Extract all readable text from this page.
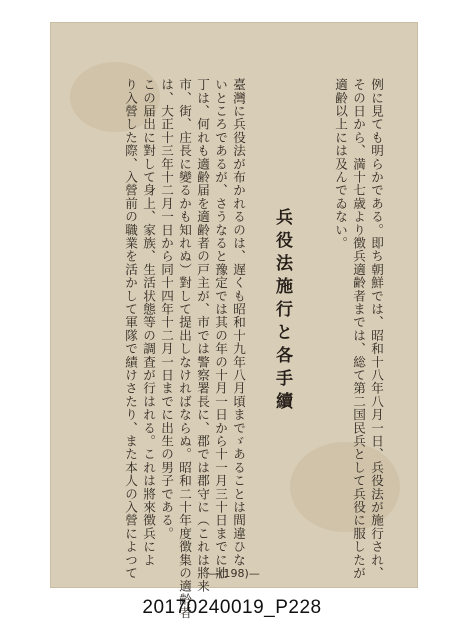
例に見ても明らかである。即ち朝鮮では、昭和十八年八月一日、兵役法が施行され、
その日から、満十七歳より徴兵適齢者までは、総て第二国民兵として兵役に服したが
適齢以上には及んでゐない。
兵役法施行と各手續
臺灣に兵役法が布かれるのは、遅くも昭和十九年八月頃までゞあることは間違ひな
いところであるが、さうなると豫定では其の年の十月一日から十一月三十日までに壯
丁は、何れも適齢届を適齢者の戸主が、市では警察署長に、郡では郡守に（これは將来
市、街、庄長に變るかも知れぬ）對して提出しなければならぬ。昭和二十年度徴集の適齢者
は、大正十三年十二月一日から同十四年十二月一日までに出生の男子である。
この届出に對して身上、家族、生活状態等の調査が行はれる。これは將來徴兵によ
り入營した際、入營前の職業を活かして軍隊で績けさたり、また本人の入營によつて	—(198)—
20170240019_P228
